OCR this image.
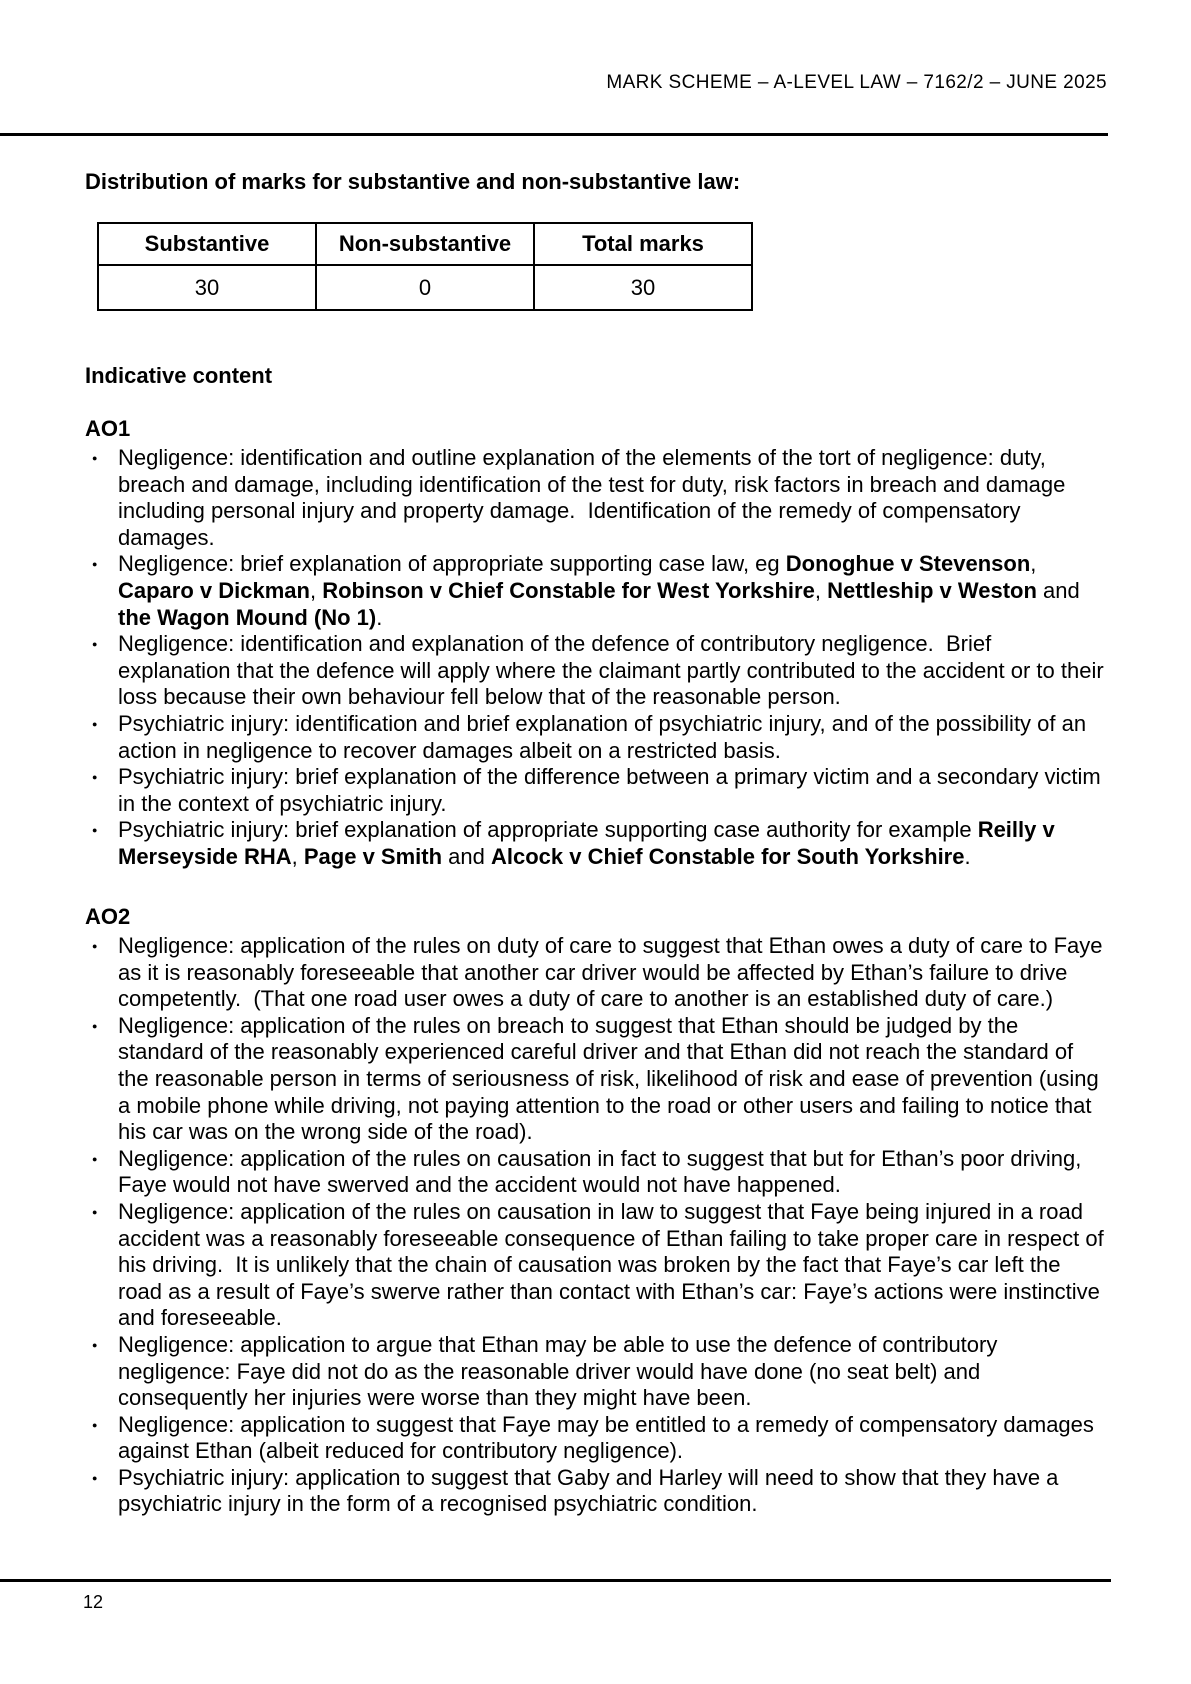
MARK SCHEME – A-LEVEL LAW – 7162/2 – JUNE 2025
Distribution of marks for substantive and non-substantive law:
Substantive	Non-substantive	Total marks
30	0	30
Indicative content
AO1
● Negligence: identification and outline explanation of the elements of the tort of negligence: duty, breach and damage, including identification of the test for duty, risk factors in breach and damage including personal injury and property damage.  Identification of the remedy of compensatory damages.
● Negligence: brief explanation of appropriate supporting case law, eg Donoghue v Stevenson, Caparo v Dickman, Robinson v Chief Constable for West Yorkshire, Nettleship v Weston and the Wagon Mound (No 1).
● Negligence: identification and explanation of the defence of contributory negligence.  Brief explanation that the defence will apply where the claimant partly contributed to the accident or to their loss because their own behaviour fell below that of the reasonable person.
● Psychiatric injury: identification and brief explanation of psychiatric injury, and of the possibility of an action in negligence to recover damages albeit on a restricted basis.
● Psychiatric injury: brief explanation of the difference between a primary victim and a secondary victim in the context of psychiatric injury.
● Psychiatric injury: brief explanation of appropriate supporting case authority for example Reilly v Merseyside RHA, Page v Smith and Alcock v Chief Constable for South Yorkshire.
AO2
● Negligence: application of the rules on duty of care to suggest that Ethan owes a duty of care to Faye as it is reasonably foreseeable that another car driver would be affected by Ethan’s failure to drive competently.  (That one road user owes a duty of care to another is an established duty of care.)
● Negligence: application of the rules on breach to suggest that Ethan should be judged by the standard of the reasonably experienced careful driver and that Ethan did not reach the standard of the reasonable person in terms of seriousness of risk, likelihood of risk and ease of prevention (using a mobile phone while driving, not paying attention to the road or other users and failing to notice that his car was on the wrong side of the road).
● Negligence: application of the rules on causation in fact to suggest that but for Ethan’s poor driving, Faye would not have swerved and the accident would not have happened.
● Negligence: application of the rules on causation in law to suggest that Faye being injured in a road accident was a reasonably foreseeable consequence of Ethan failing to take proper care in respect of his driving.  It is unlikely that the chain of causation was broken by the fact that Faye’s car left the road as a result of Faye’s swerve rather than contact with Ethan’s car: Faye’s actions were instinctive and foreseeable.
● Negligence: application to argue that Ethan may be able to use the defence of contributory negligence: Faye did not do as the reasonable driver would have done (no seat belt) and consequently her injuries were worse than they might have been.
● Negligence: application to suggest that Faye may be entitled to a remedy of compensatory damages against Ethan (albeit reduced for contributory negligence).
● Psychiatric injury: application to suggest that Gaby and Harley will need to show that they have a psychiatric injury in the form of a recognised psychiatric condition.
12
